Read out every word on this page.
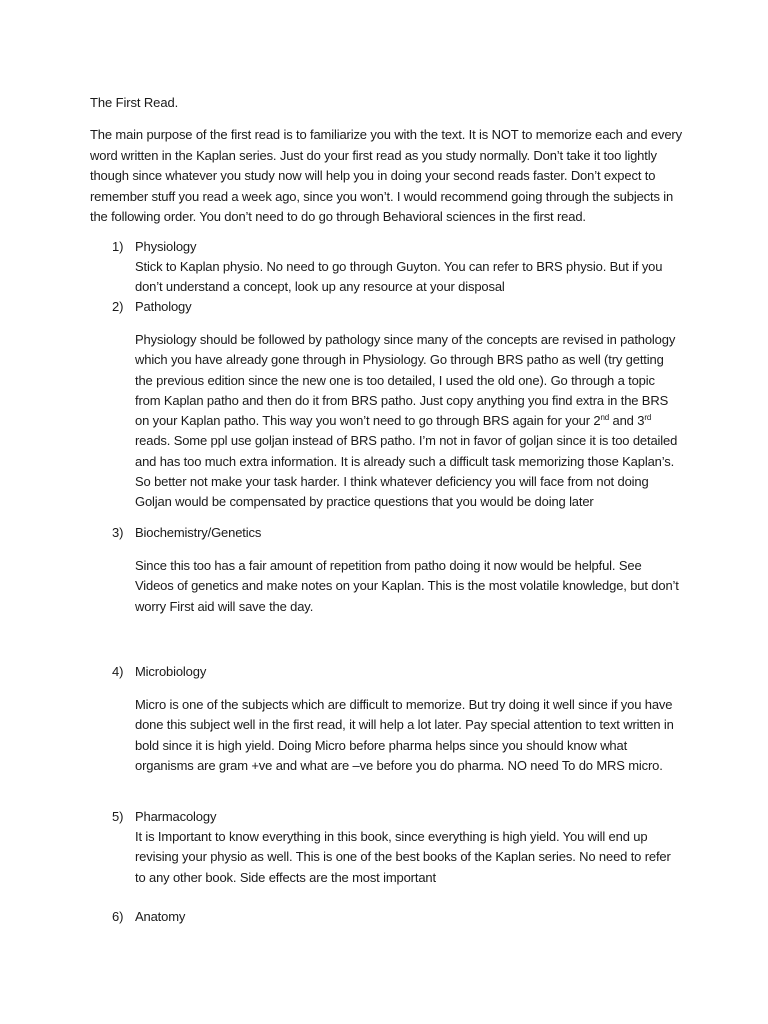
The First Read.

The main purpose of the first read is to familiarize you with the text. It is NOT to memorize each and every word written in the Kaplan series. Just do your first read as you study normally. Don’t take it too lightly though since whatever you study now will help you in doing your second reads faster. Don’t expect to remember stuff you read a week ago, since you won’t. I would recommend going through the subjects in the following order. You don’t need to do go through Behavioral sciences in the first read.

1) Physiology

Stick to Kaplan physio. No need to go through Guyton. You can refer to BRS physio. But if you don’t understand a concept, look up any resource at your disposal

2) Pathology

Physiology should be followed by pathology since many of the concepts are revised in pathology which you have already gone through in Physiology. Go through BRS patho as well (try getting the previous edition since the new one is too detailed, I used the old one). Go through a topic from Kaplan patho and then do it from BRS patho. Just copy anything you find extra in the BRS on your Kaplan patho. This way you won’t need to go through BRS again for your 2nd and 3rd reads. Some ppl use goljan instead of BRS patho. I’m not in favor of goljan since it is too detailed and has too much extra information. It is already such a difficult task memorizing those Kaplan’s. So better not make your task harder. I think whatever deficiency you will face from not doing Goljan would be compensated by practice questions that you would be doing later

3) Biochemistry/Genetics

Since this too has a fair amount of repetition from patho doing it now would be helpful. See Videos of genetics and make notes on your Kaplan. This is the most volatile knowledge, but don’t worry First aid will save the day.

4) Microbiology

Micro is one of the subjects which are difficult to memorize. But try doing it well since if you have done this subject well in the first read, it will help a lot later. Pay special attention to text written in bold since it is high yield. Doing Micro before pharma helps since you should know what organisms are gram +ve and what are –ve before you do pharma. NO need To do MRS micro.

5) Pharmacology

It is Important to know everything in this book, since everything is high yield. You will end up revising your physio as well. This is one of the best books of the Kaplan series. No need to refer to any other book. Side effects are the most important

6) Anatomy
